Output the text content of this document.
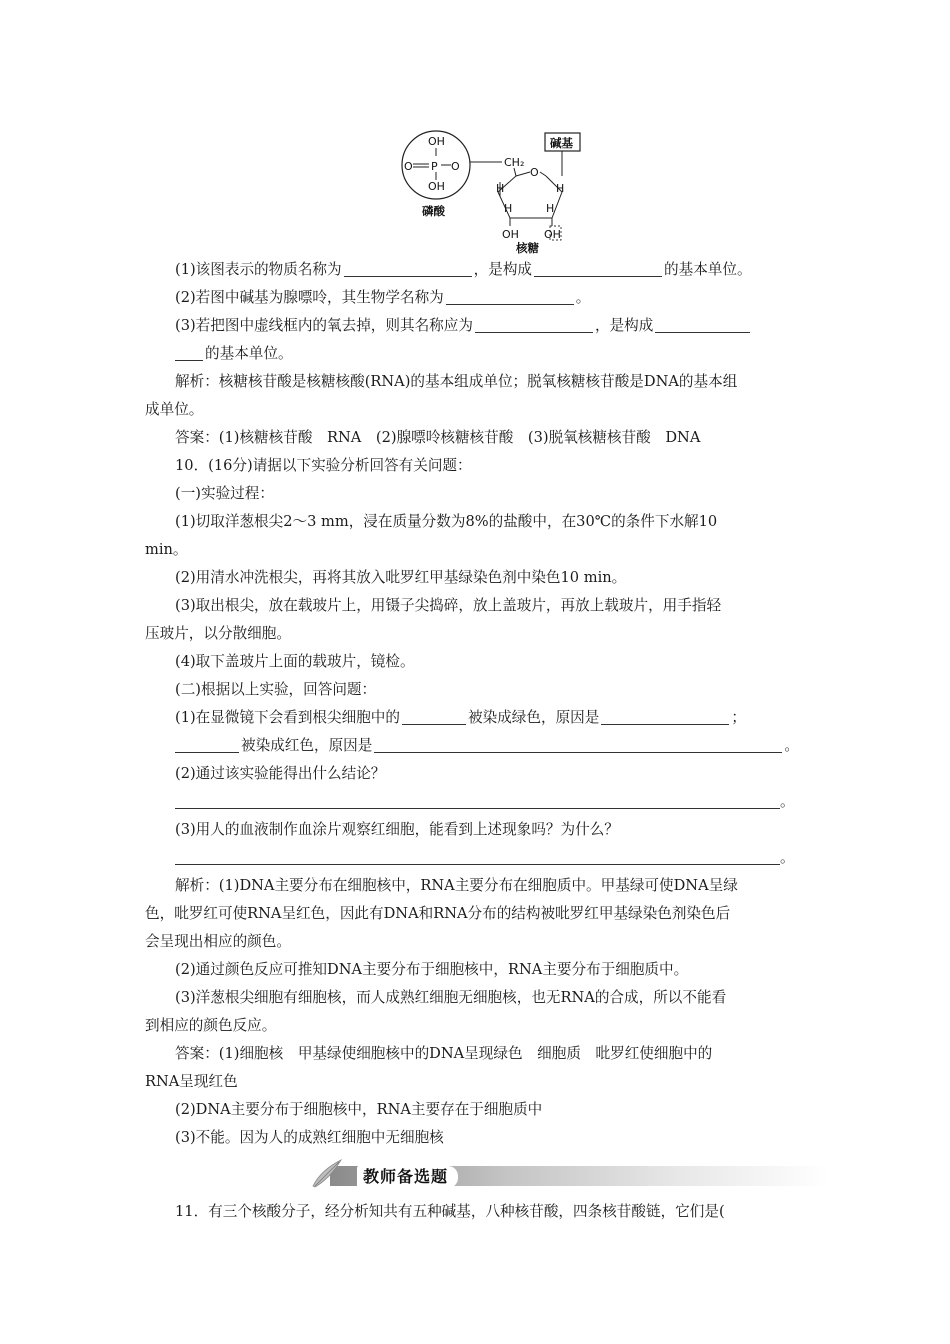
OH
O P O
OH
磷酸
CH₂
碱基
O
H	H
H	H
OH OH
核糖

(1)该图表示的物质名称为	，是构成	的基本单位。

(2)若图中碱基为腺嘌呤，其生物学名称为	。

(3)若把图中虚线框内的氧去掉，则其名称应为	，是构成

的基本单位。

解析：核糖核苷酸是核糖核酸(RNA)的基本组成单位；脱氧核糖核苷酸是DNA的基本组

成单位。

答案：(1)核糖核苷酸　RNA　(2)腺嘌呤核糖核苷酸　(3)脱氧核糖核苷酸　DNA

10．(16分)请据以下实验分析回答有关问题：

(一)实验过程：

(1)切取洋葱根尖2～3 mm，浸在质量分数为8%的盐酸中，在30℃的条件下水解10

min。

(2)用清水冲洗根尖，再将其放入吡罗红甲基绿染色剂中染色10 min。

(3)取出根尖，放在载玻片上，用镊子尖捣碎，放上盖玻片，再放上载玻片，用手指轻

压玻片，以分散细胞。

(4)取下盖玻片上面的载玻片，镜检。

(二)根据以上实验，回答问题：

(1)在显微镜下会看到根尖细胞中的	被染成绿色，原因是	；

被染成红色，原因是	。

(2)通过该实验能得出什么结论？

。

(3)用人的血液制作血涂片观察红细胞，能看到上述现象吗？为什么？

。

解析：(1)DNA主要分布在细胞核中，RNA主要分布在细胞质中。甲基绿可使DNA呈绿

色，吡罗红可使RNA呈红色，因此有DNA和RNA分布的结构被吡罗红甲基绿染色剂染色后

会呈现出相应的颜色。

(2)通过颜色反应可推知DNA主要分布于细胞核中，RNA主要分布于细胞质中。

(3)洋葱根尖细胞有细胞核，而人成熟红细胞无细胞核，也无RNA的合成，所以不能看

到相应的颜色反应。

答案：(1)细胞核　甲基绿使细胞核中的DNA呈现绿色　细胞质　吡罗红使细胞中的

RNA呈现红色

(2)DNA主要分布于细胞核中，RNA主要存在于细胞质中

(3)不能。因为人的成熟红细胞中无细胞核

教师备选题

11．有三个核酸分子，经分析知共有五种碱基，八种核苷酸，四条核苷酸链，它们是(
